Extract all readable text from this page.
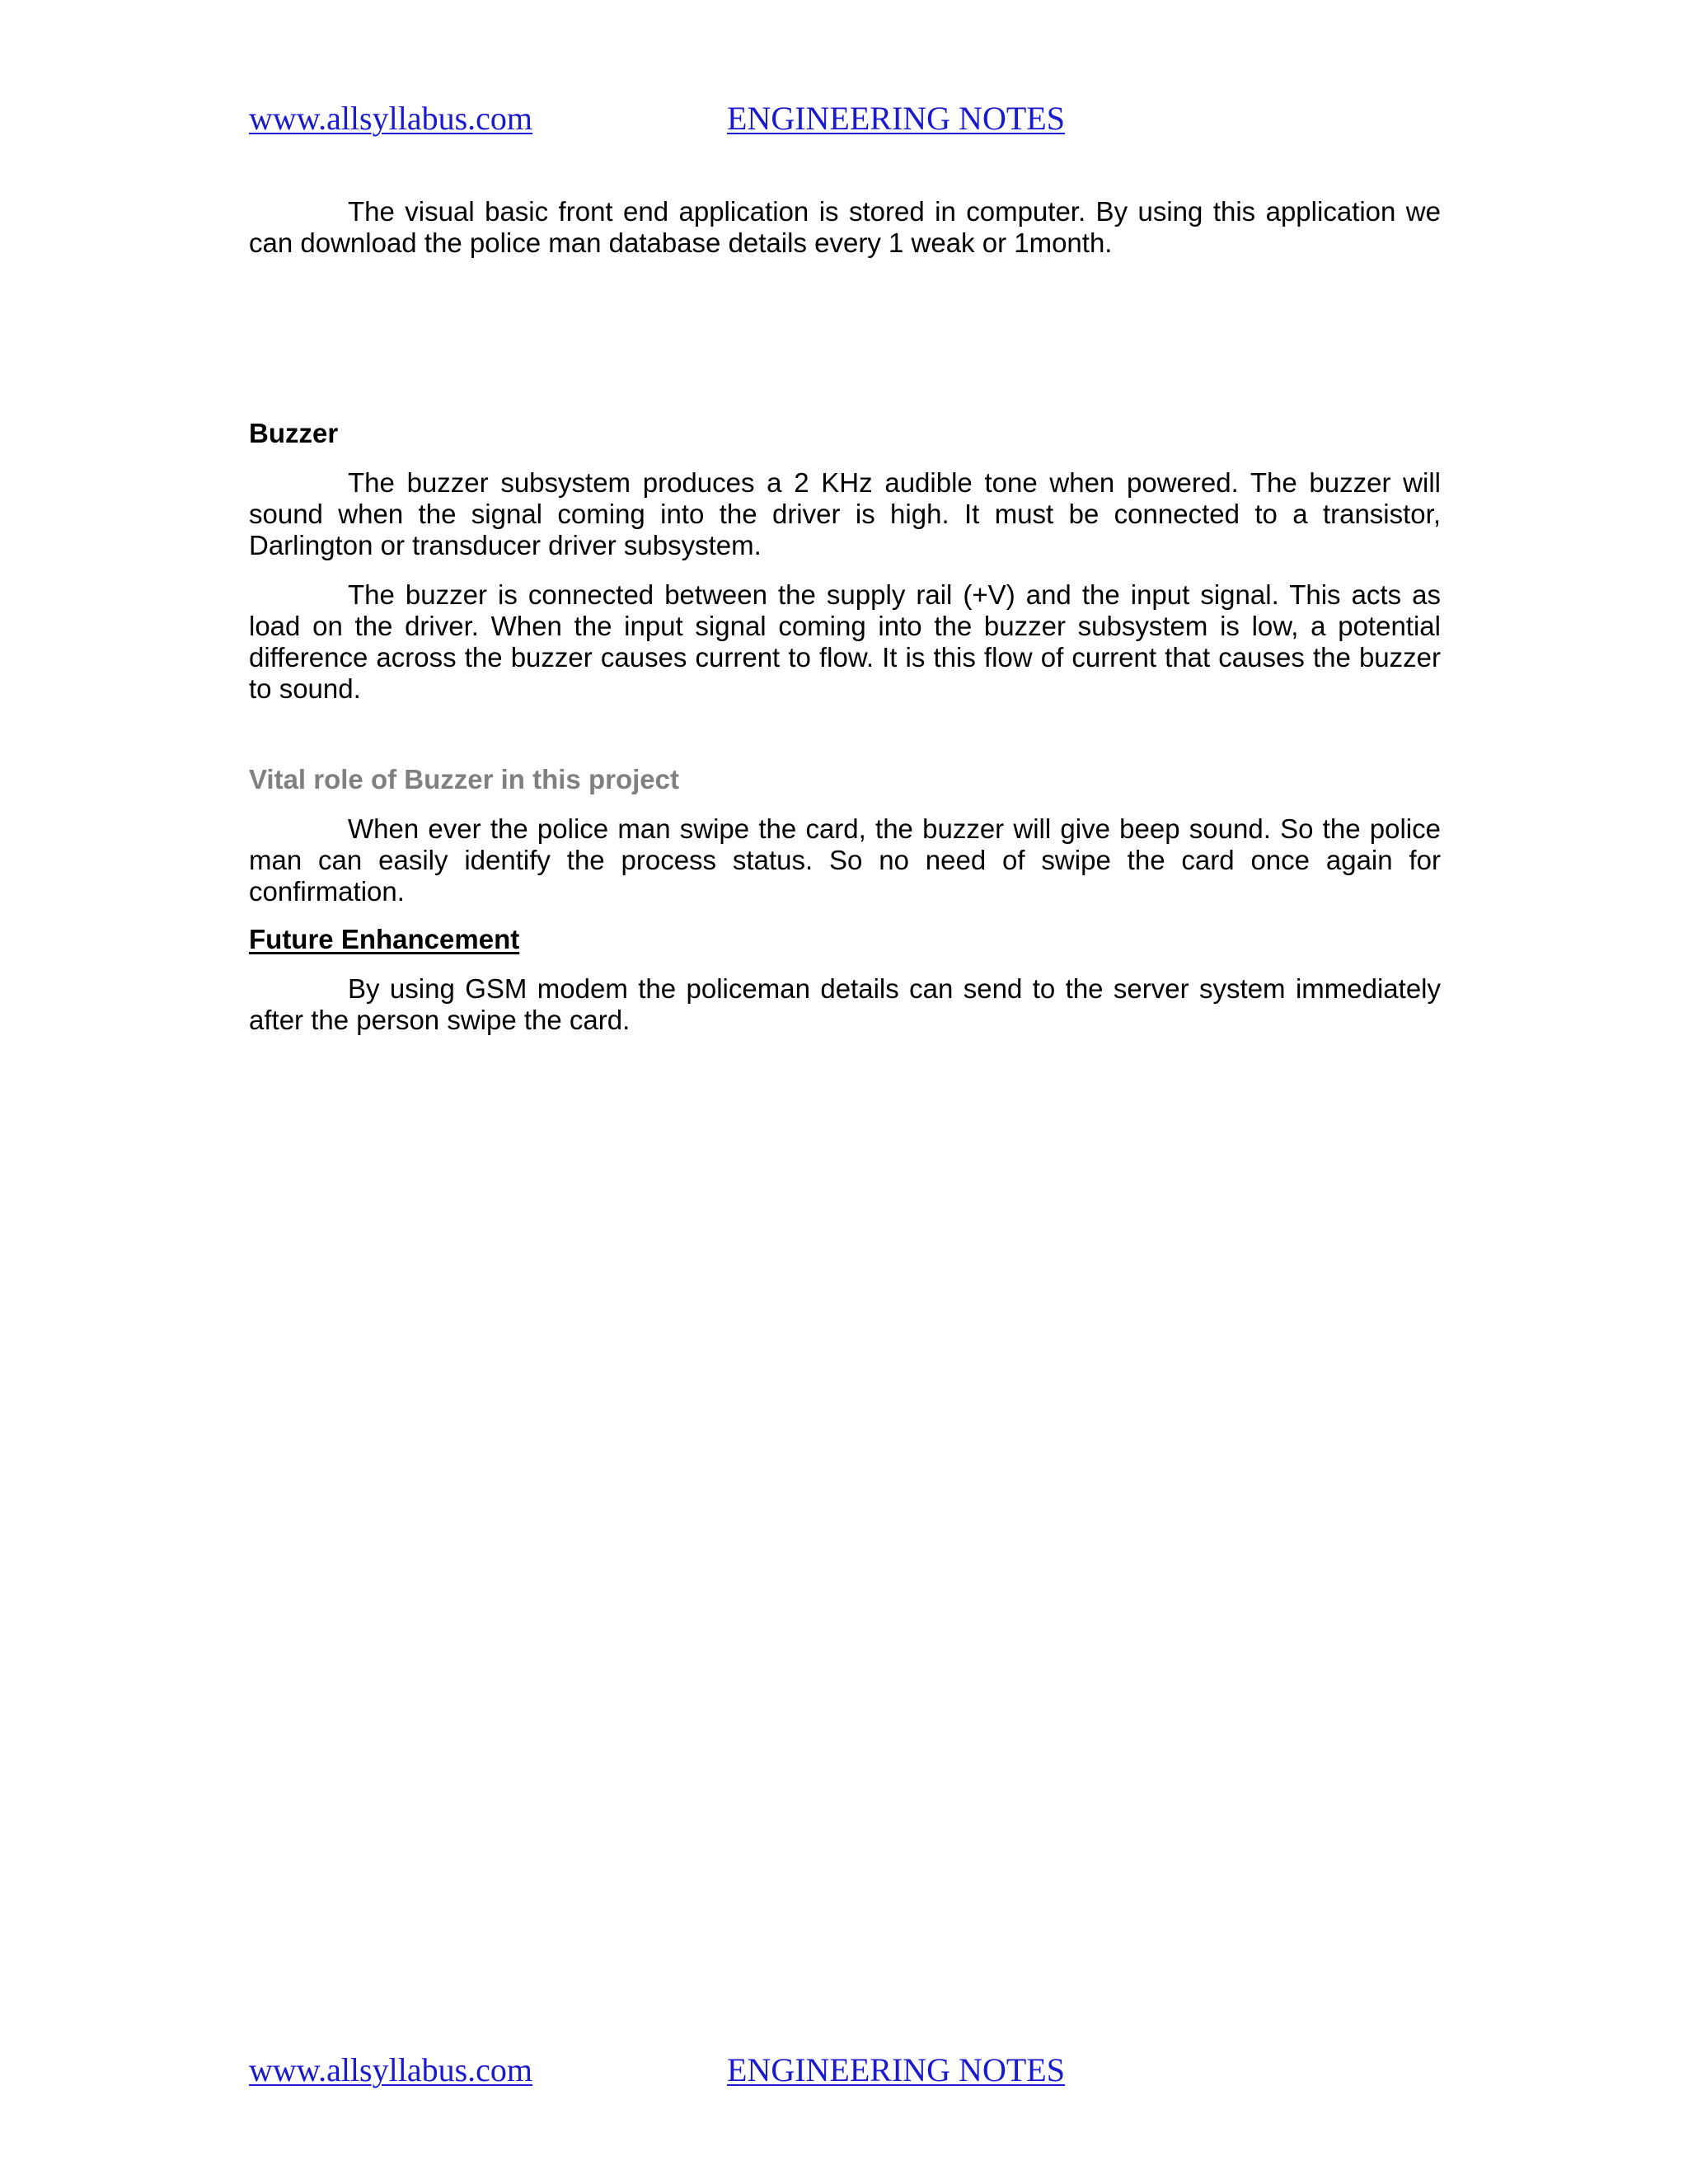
www.allsyllabus.com	ENGINEERING NOTES

The visual basic front end application is stored in computer. By using this application we can download the police man database details every 1 weak or 1month.

Buzzer

The buzzer subsystem produces a 2 KHz audible tone when powered. The buzzer will sound when the signal coming into the driver is high. It must be connected to a transistor, Darlington or transducer driver subsystem.

The buzzer is connected between the supply rail (+V) and the input signal. This acts as load on the driver. When the input signal coming into the buzzer subsystem is low, a potential difference across the buzzer causes current to flow. It is this flow of current that causes the buzzer to sound.

Vital role of Buzzer in this project

When ever the police man swipe the card, the buzzer will give beep sound. So the police man can easily identify the process status. So no need of swipe the card once again for confirmation.

Future Enhancement

By using GSM modem the policeman details can send to the server system immediately after the person swipe the card.

www.allsyllabus.com	ENGINEERING NOTES
